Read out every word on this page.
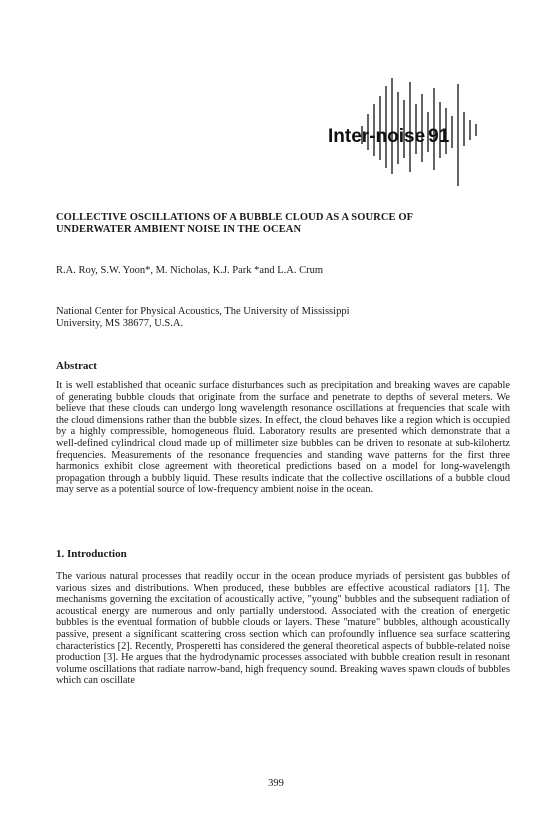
Inter-noise 91
COLLECTIVE OSCILLATIONS OF A BUBBLE CLOUD AS A SOURCE OF
UNDERWATER AMBIENT NOISE IN THE OCEAN

R.A. Roy, S.W. Yoon*, M. Nicholas, K.J. Park *and L.A. Crum

National Center for Physical Acoustics, The University of Mississippi
University, MS 38677, U.S.A.

Abstract

It is well established that oceanic surface disturbances such as precipitation and breaking waves are capable of generating bubble clouds that originate from the surface and penetrate to depths of several meters. We believe that these clouds can undergo long wavelength resonance oscillations at frequencies that scale with the cloud dimensions rather than the bubble sizes. In effect, the cloud behaves like a region which is occupied by a highly compressible, homogeneous fluid. Laboratory results are presented which demonstrate that a well-defined cylindrical cloud made up of millimeter size bubbles can be driven to resonate at sub-kilohertz frequencies. Measurements of the resonance frequencies and standing wave patterns for the first three harmonics exhibit close agreement with theoretical predictions based on a model for long-wavelength propagation through a bubbly liquid. These results indicate that the collective oscillations of a bubble cloud may serve as a potential source of low-frequency ambient noise in the ocean.

1. Introduction

The various natural processes that readily occur in the ocean produce myriads of persistent gas bubbles of various sizes and distributions. When produced, these bubbles are effective acoustical radiators [1]. The mechanisms governing the excitation of acoustically active, "young" bubbles and the subsequent radiation of acoustical energy are numerous and only partially understood. Associated with the creation of energetic bubbles is the eventual formation of bubble clouds or layers. These "mature" bubbles, although acoustically passive, present a significant scattering cross section which can profoundly influence sea surface scattering characteristics [2]. Recently, Prosperetti has considered the general theoretical aspects of bubble-related noise production [3]. He argues that the hydrodynamic processes associated with bubble creation result in resonant volume oscillations that radiate narrow-band, high frequency sound. Breaking waves spawn clouds of bubbles which can oscillate

399
